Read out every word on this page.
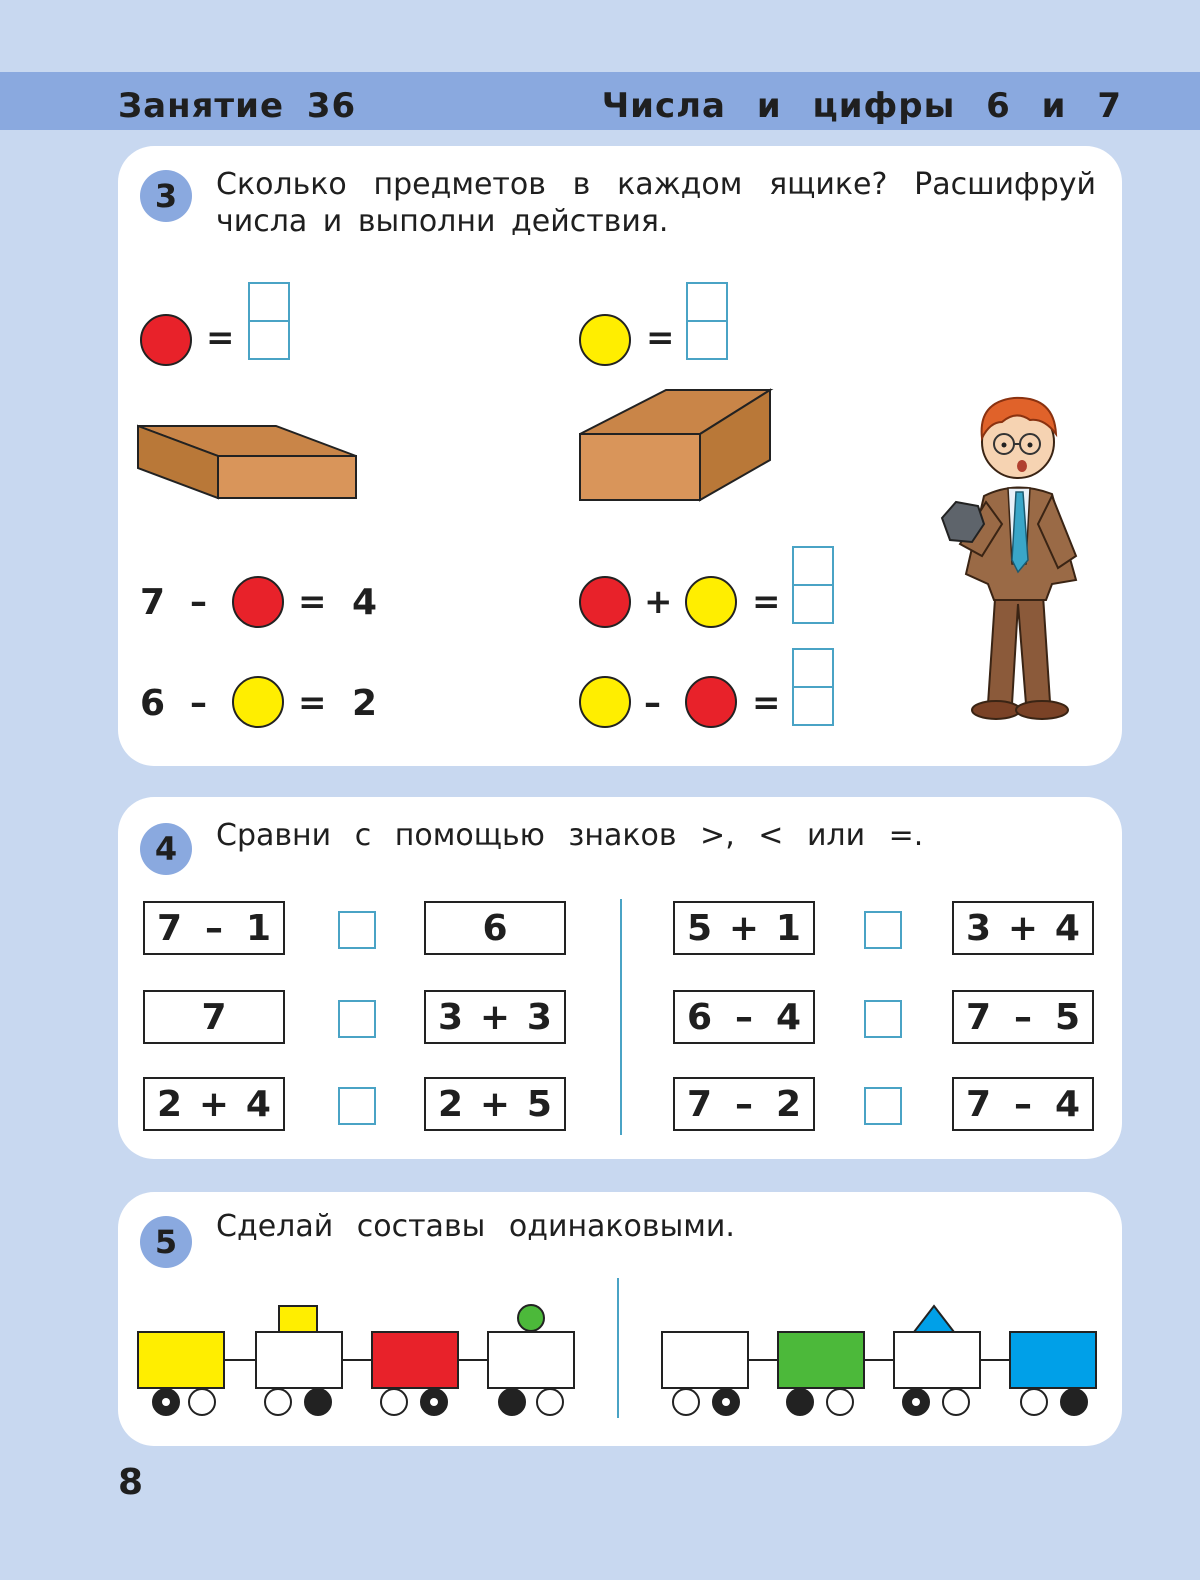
Занятие 36	Числа и цифры 6 и 7
3	Сколько предметов в каждом ящике? Расшифруй числа и выполни действия.
=	=
7 –	= 4
6 –	= 2
+ =
–	=
4	Сравни с помощью знаков >, < или =.
7 – 1	6
7	3 + 3
2 + 4	2 + 5
5 + 1	3 + 4
6 – 4	7 – 5
7 – 2	7 – 4
5	Сделай составы одинаковыми.
8
